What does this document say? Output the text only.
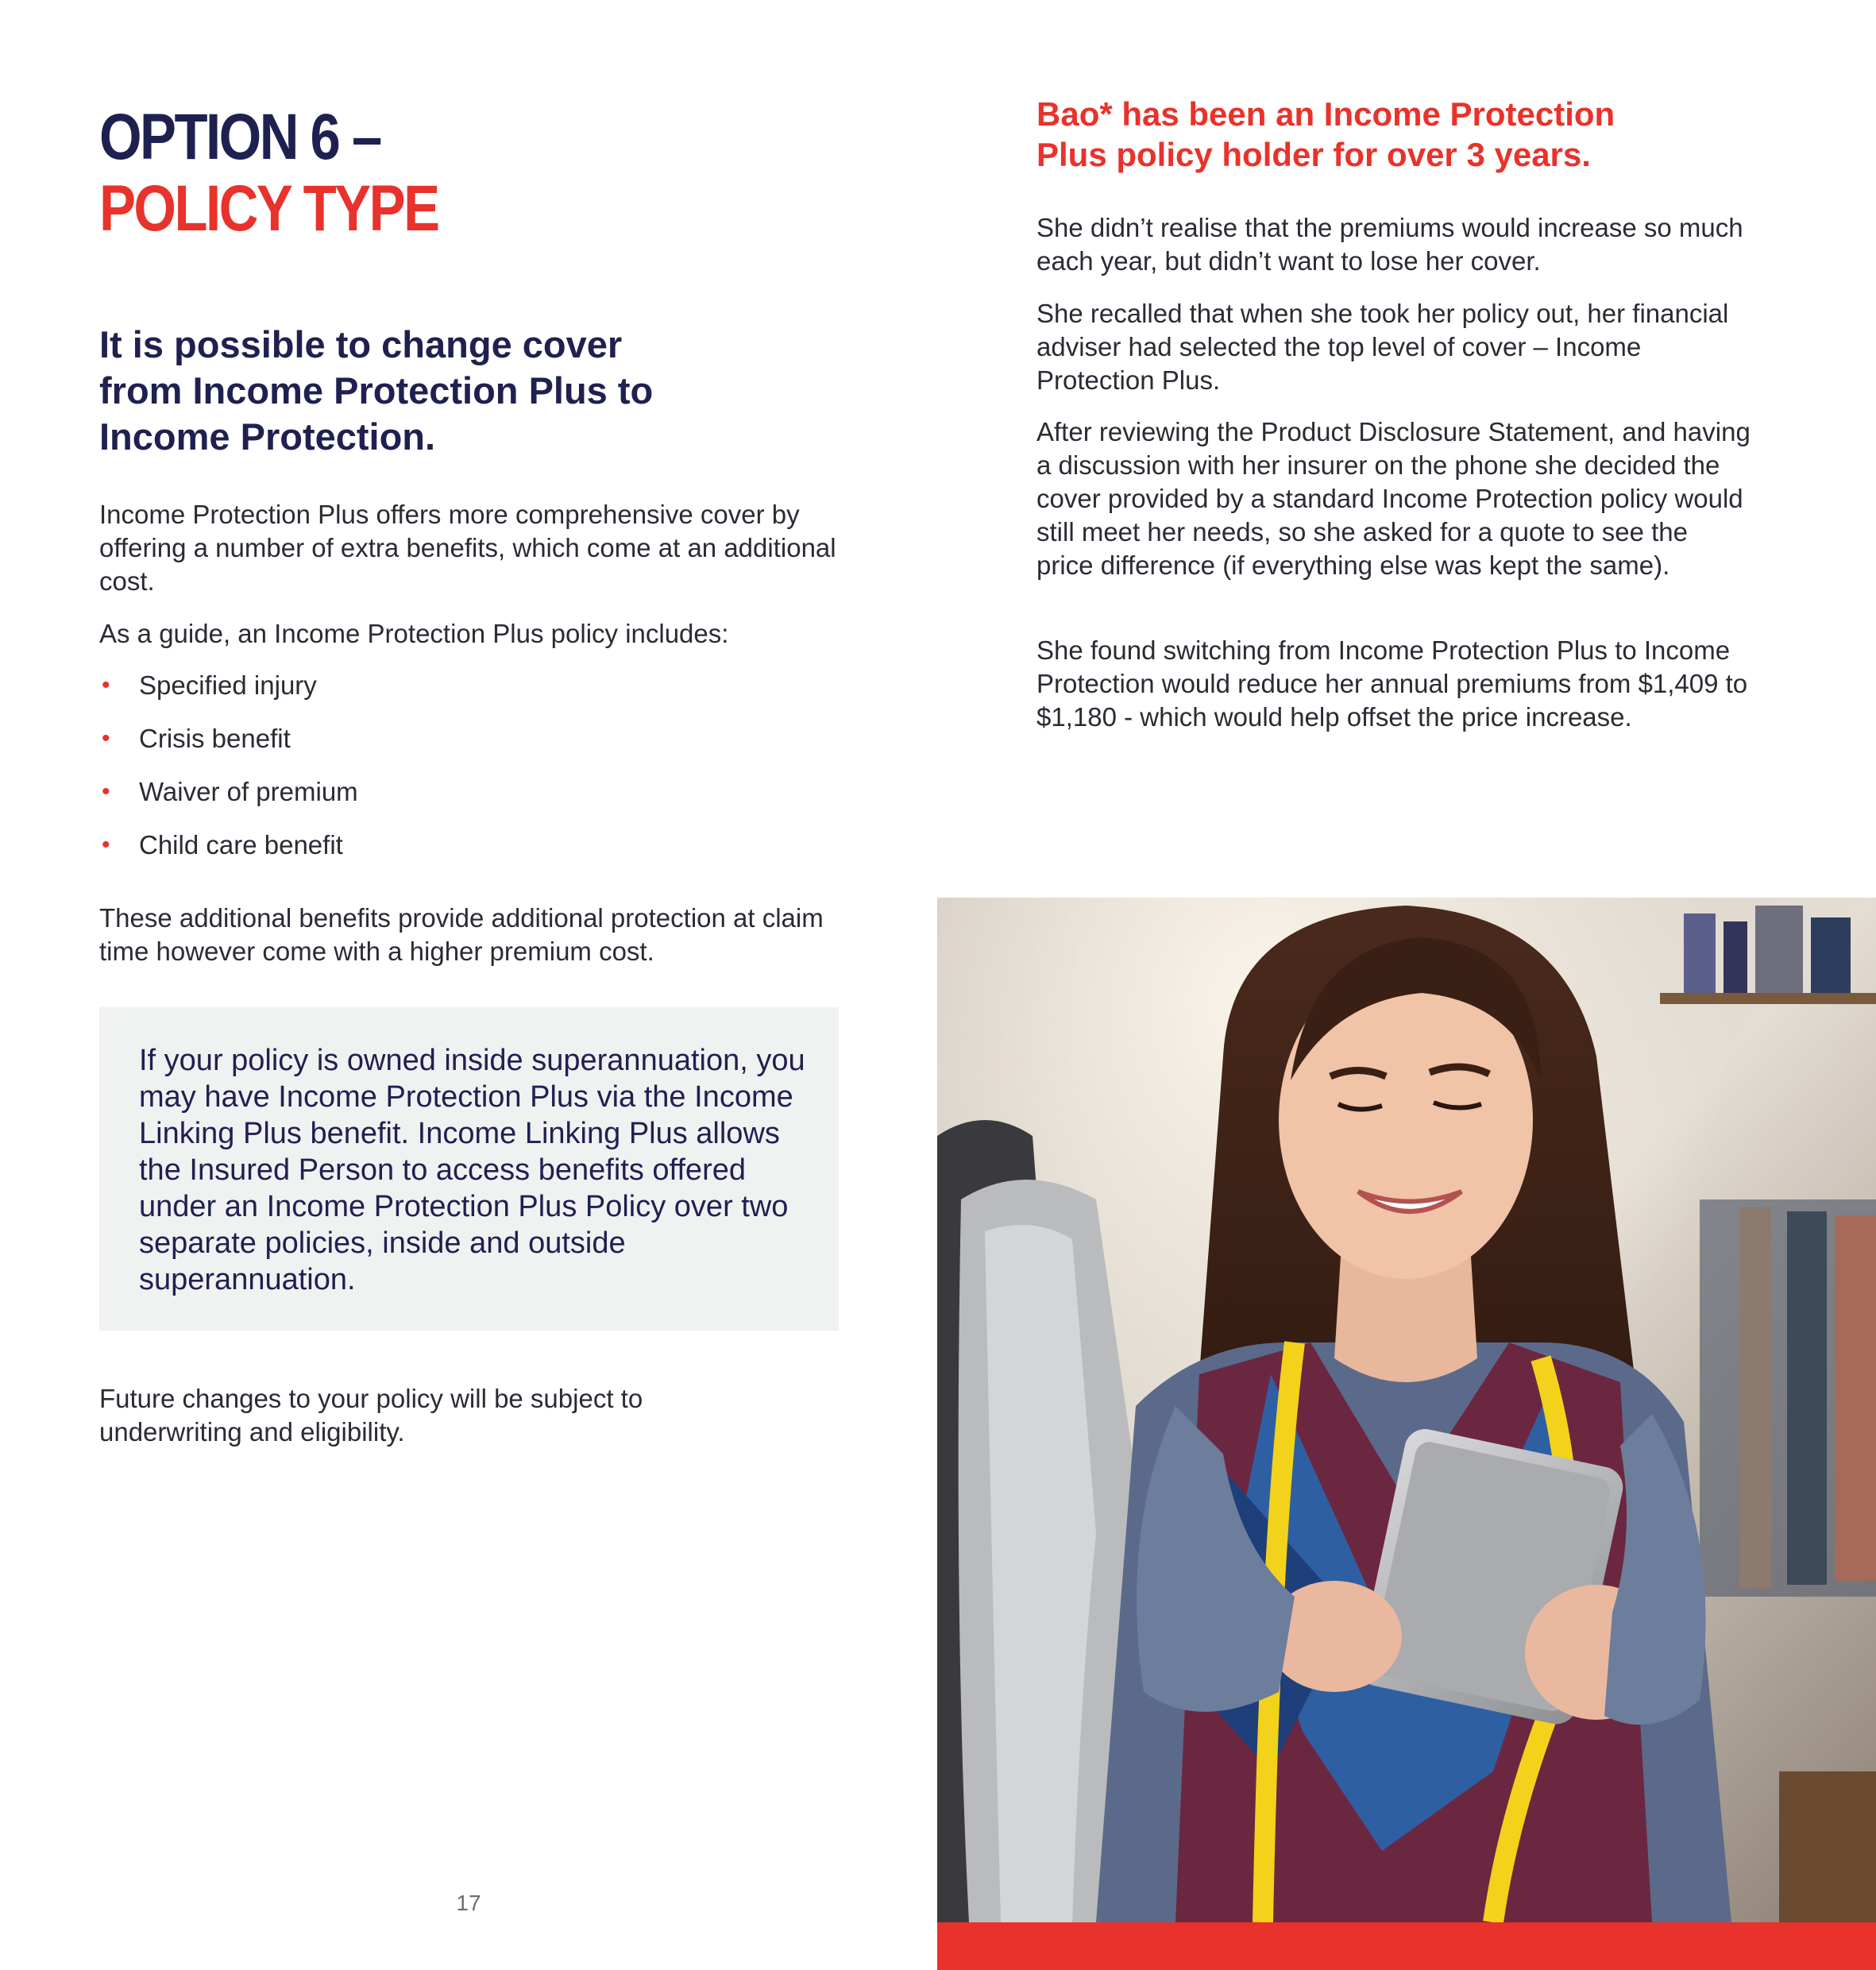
OPTION 6 –
POLICY TYPE
It is possible to change cover from Income Protection Plus to Income Protection.

Income Protection Plus offers more comprehensive cover by offering a number of extra benefits, which come at an additional cost.

As a guide, an Income Protection Plus policy includes:

• Specified injury
• Crisis benefit
• Waiver of premium
• Child care benefit

These additional benefits provide additional protection at claim time however come with a higher premium cost.

If your policy is owned inside superannuation, you may have Income Protection Plus via the Income Linking Plus benefit. Income Linking Plus allows the Insured Person to access benefits offered under an Income Protection Plus Policy over two separate policies, inside and outside superannuation.

Future changes to your policy will be subject to underwriting and eligibility.

17
Bao* has been an Income Protection Plus policy holder for over 3 years.

She didn’t realise that the premiums would increase so much each year, but didn’t want to lose her cover.

She recalled that when she took her policy out, her financial adviser had selected the top level of cover – Income Protection Plus.

After reviewing the Product Disclosure Statement, and having a discussion with her insurer on the phone she decided the cover provided by a standard Income Protection policy would still meet her needs, so she asked for a quote to see the price difference (if everything else was kept the same).

She found switching from Income Protection Plus to Income Protection would reduce her annual premiums from $1,409 to $1,180 - which would help offset the price increase.
